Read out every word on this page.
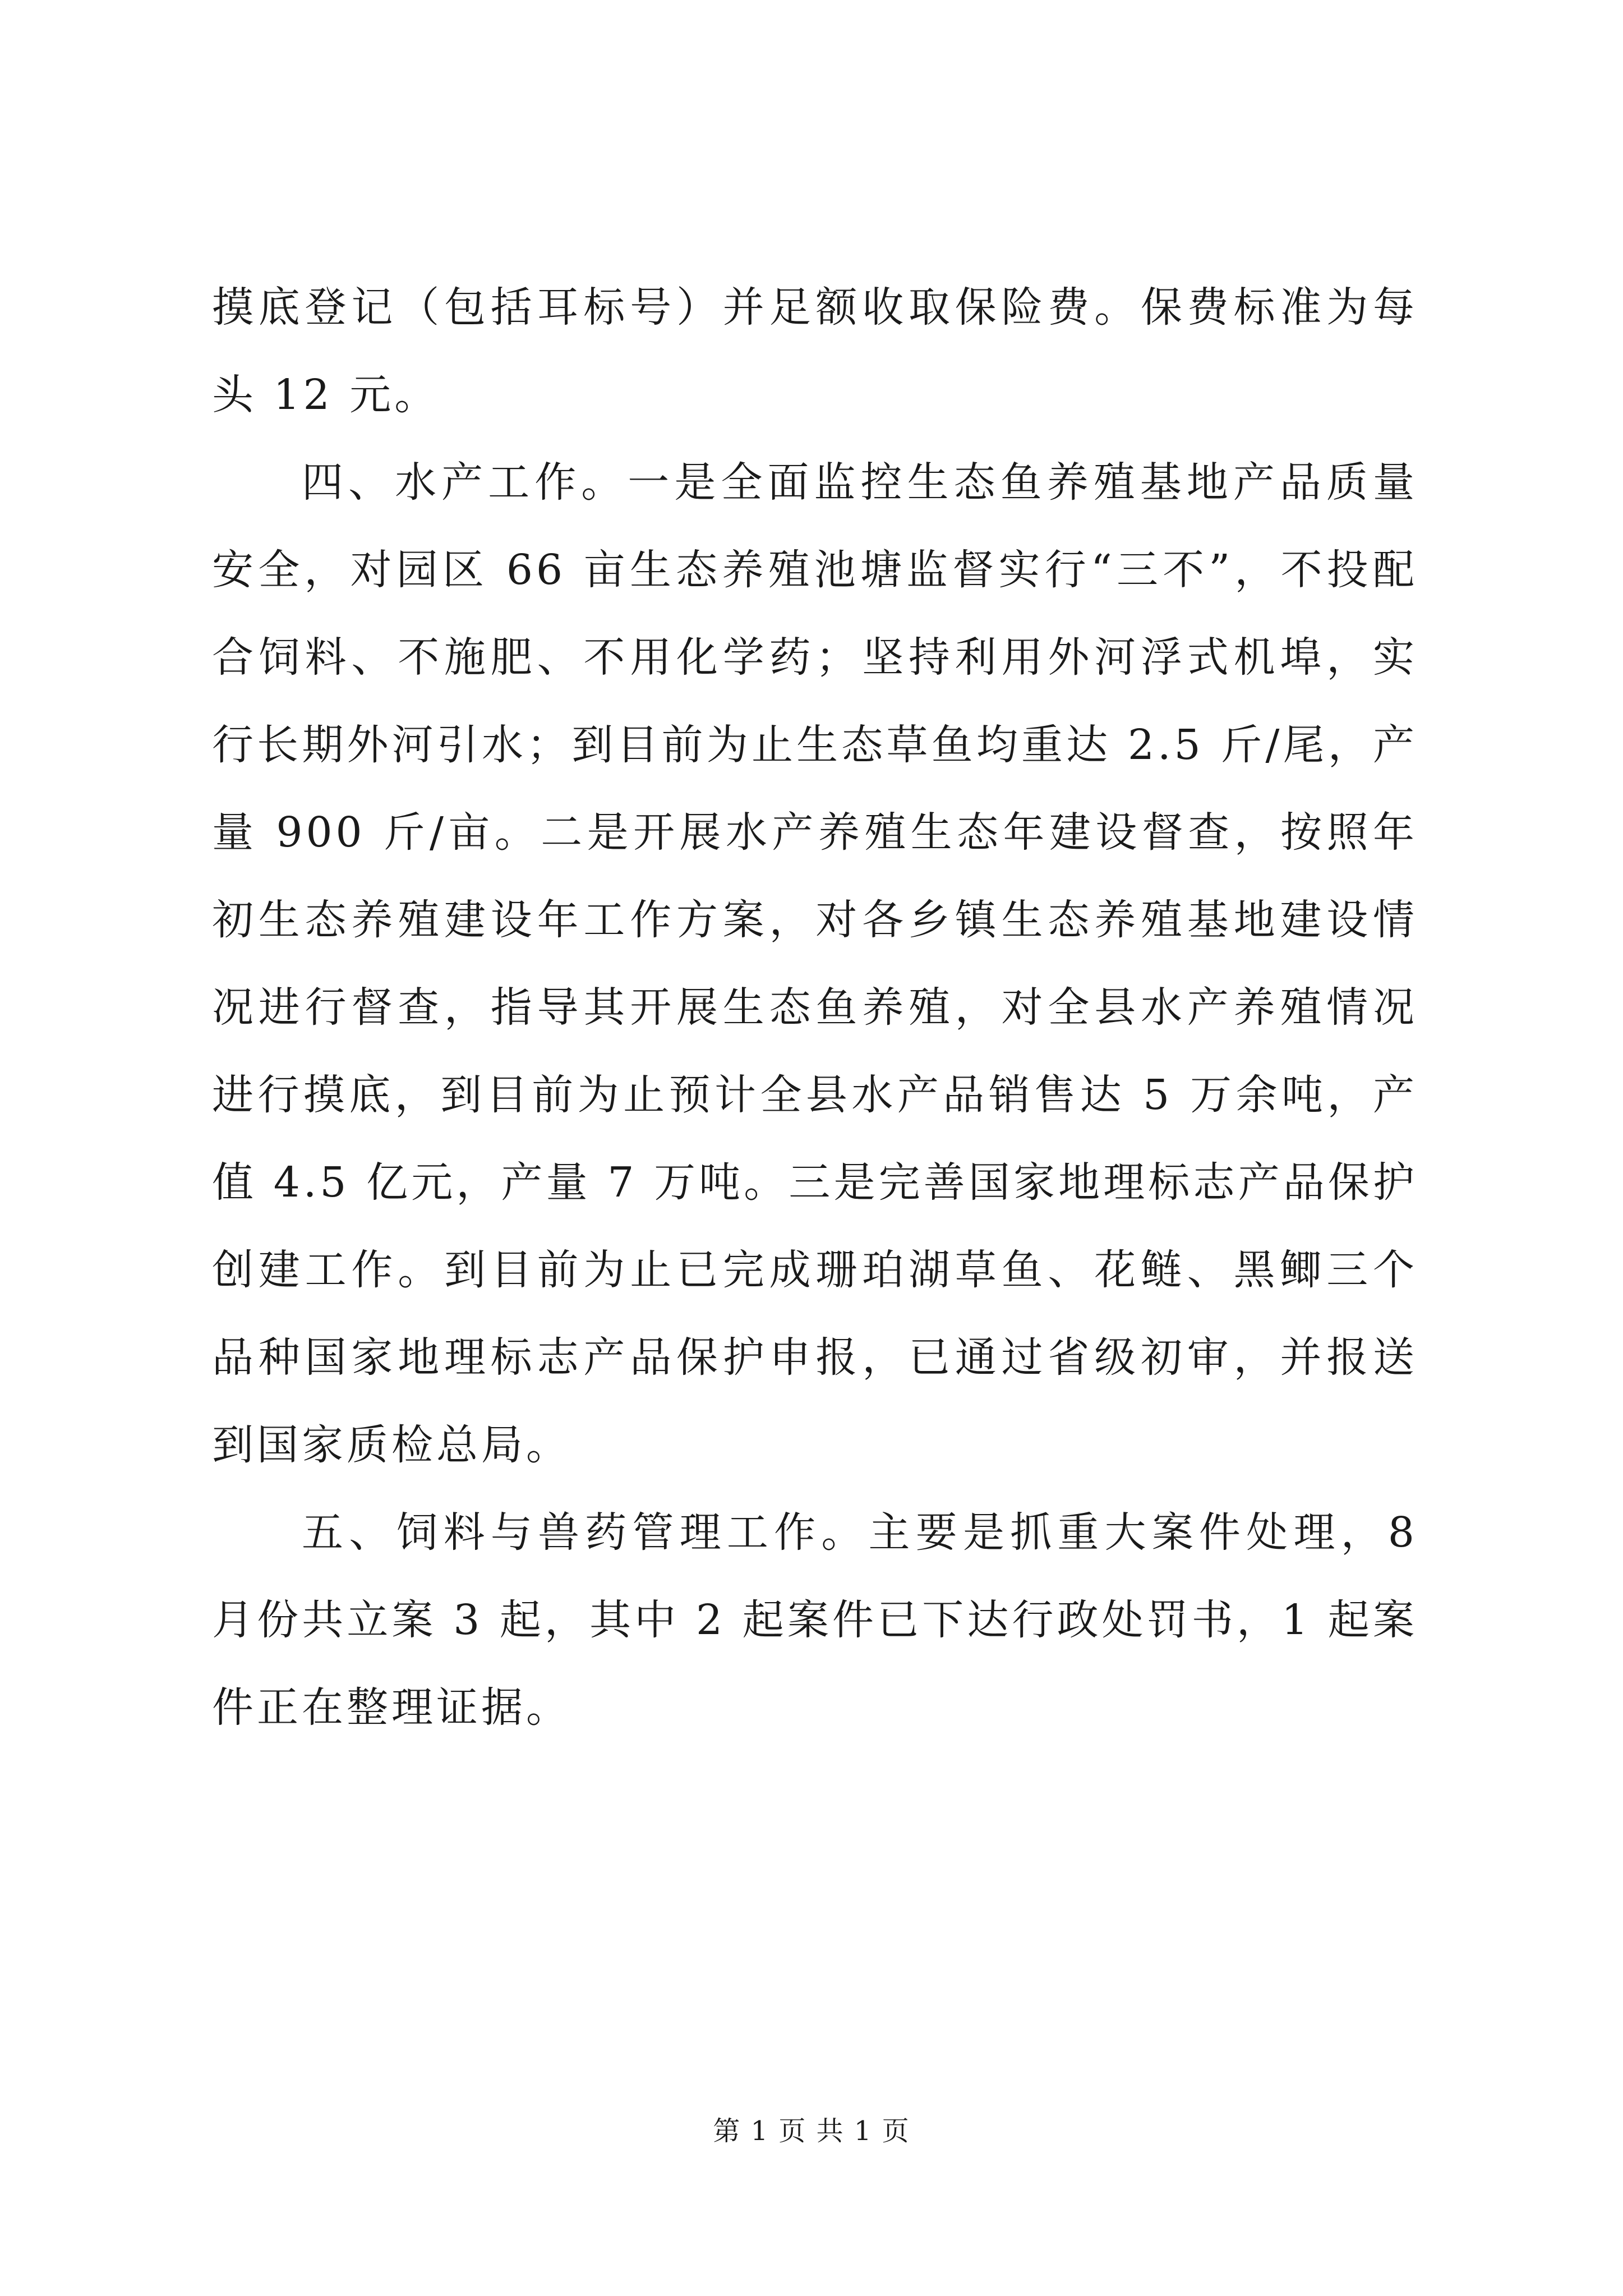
摸底登记（包括耳标号）并足额收取保险费。保费标准为每头 12 元。

四、水产工作。一是全面监控生态鱼养殖基地产品质量安全，对园区 66 亩生态养殖池塘监督实行“三不”，不投配合饲料、不施肥、不用化学药；坚持利用外河浮式机埠，实行长期外河引水；到目前为止生态草鱼均重达 2.5 斤/尾，产量 900 斤/亩。二是开展水产养殖生态年建设督查，按照年初生态养殖建设年工作方案，对各乡镇生态养殖基地建设情况进行督查，指导其开展生态鱼养殖，对全县水产养殖情况进行摸底，到目前为止预计全县水产品销售达 5 万余吨，产值 4.5 亿元，产量 7 万吨。三是完善国家地理标志产品保护创建工作。到目前为止已完成珊珀湖草鱼、花鲢、黑鲫三个品种国家地理标志产品保护申报，已通过省级初审，并报送到国家质检总局。

五、饲料与兽药管理工作。主要是抓重大案件处理，8 月份共立案 3 起，其中 2 起案件已下达行政处罚书，1 起案件正在整理证据。

第 1 页 共 1 页
